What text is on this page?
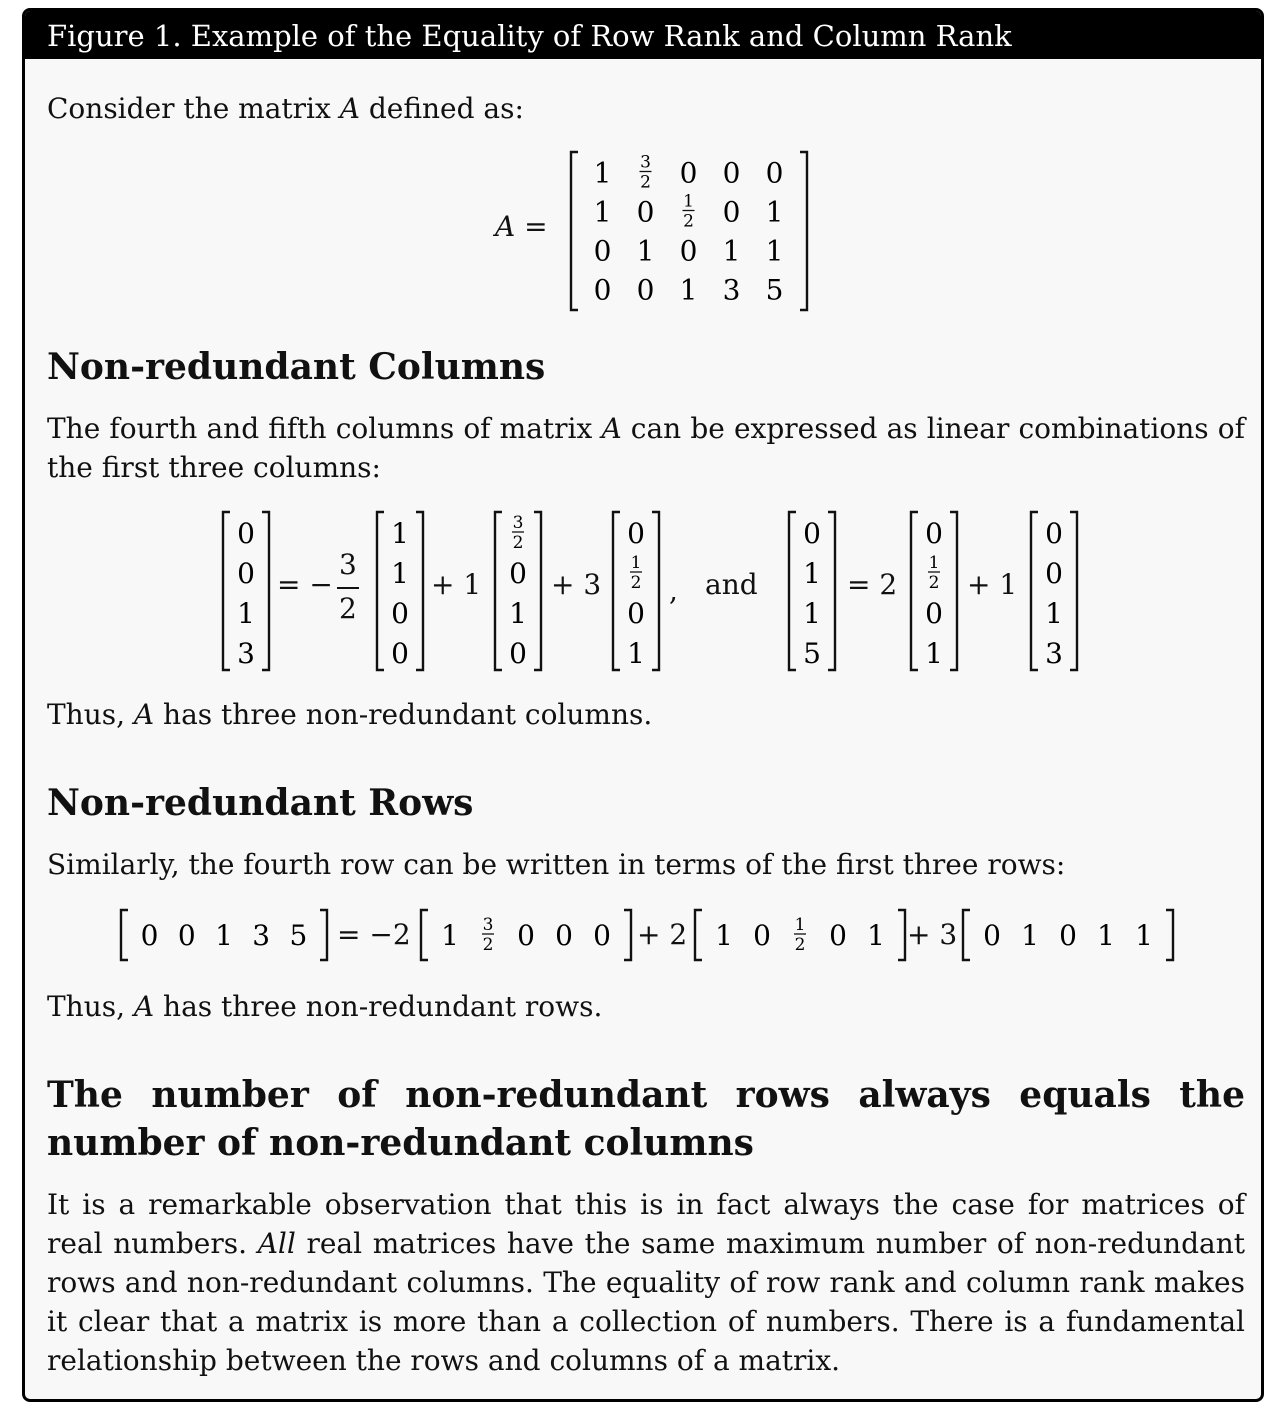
Figure 1. Example of the Equality of Row Rank and Column Rank
Consider the matrix A defined as:
A =
1 3
2 0 0 0
1 0 1
2 0 1
0 1 0 1 1
0 0 1 3 5
Non-redundant Columns
The fourth and fifth columns of matrix A can be expressed as linear combinations of the first three columns:
0
0
1
3
= −
3
2
1
1
0
0
+ 1
3
2
0
1
0
+ 3
0
1
2
0
1
, and
0
1
1
5
= 2
0
1
2
0
1
+ 1
0
0
1
3
Thus, A has three non-redundant columns.
Non-redundant Rows
Similarly, the fourth row can be written in terms of the first three rows:
0 0 1 3 5 = −2 1 3
2 0 0 0 + 2 1 0 1
2 0 1 + 3 0 1 0 1 1
Thus, A has three non-redundant rows.
The number of non-redundant rows always equals the number of non-redundant columns
It is a remarkable observation that this is in fact always the case for matrices of real numbers. All real matrices have the same maximum number of non-redundant rows and non-redundant columns. The equality of row rank and column rank makes it clear that a matrix is more than a collection of numbers. There is a fundamental relationship between the rows and columns of a matrix.
